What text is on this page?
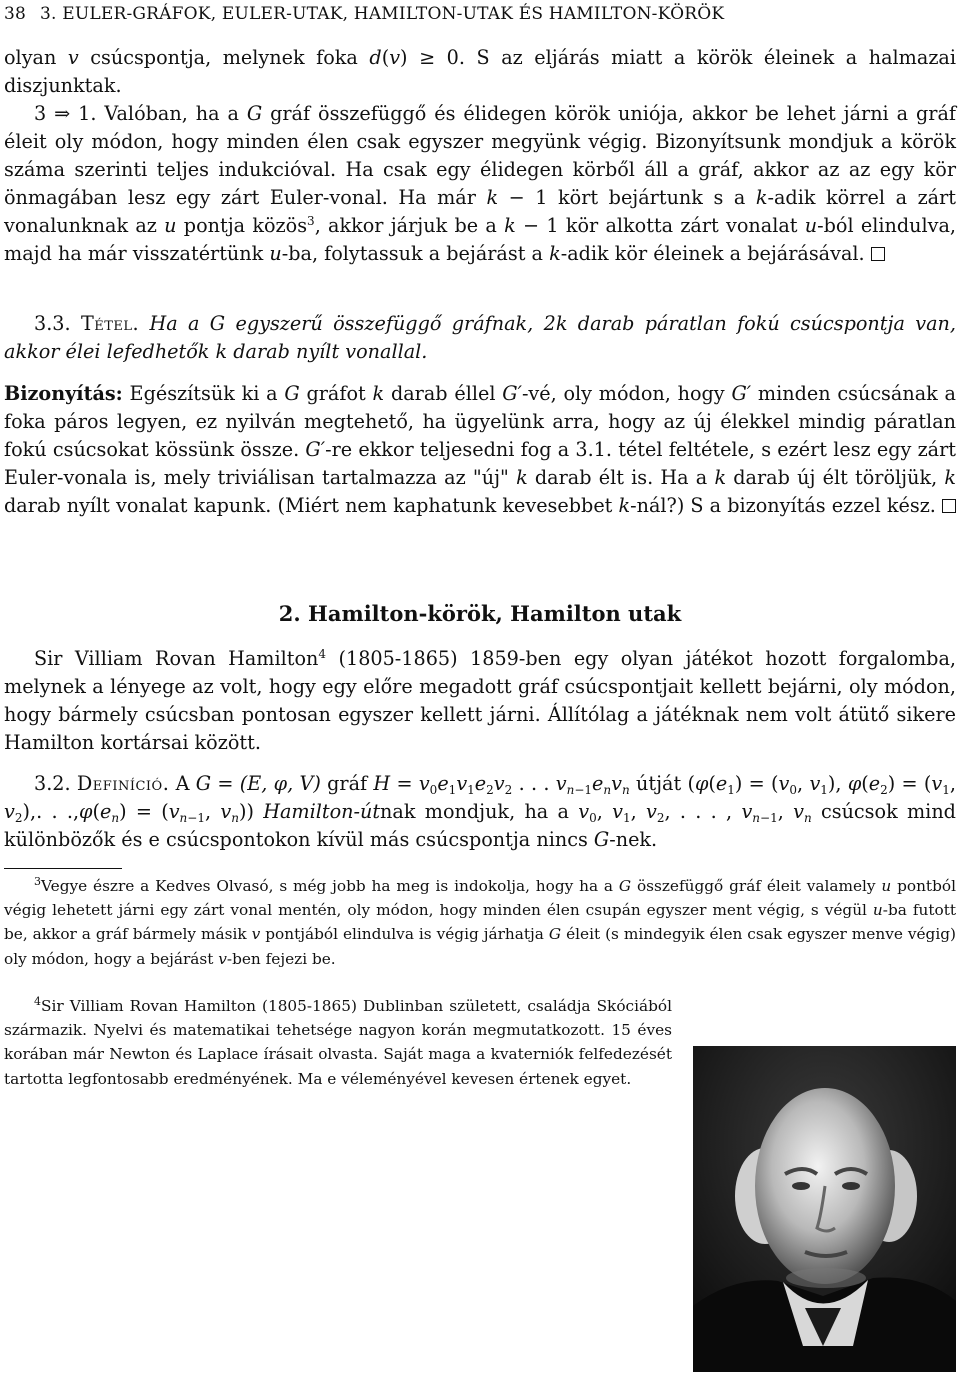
38 3. EULER-GRÁFOK, EULER-UTAK, HAMILTON-UTAK ÉS HAMILTON-KÖRÖK

olyan v csúcspontja, melynek foka d(v) ≥ 0. S az eljárás miatt a körök éleinek a halmazai diszjunktak.

3 ⇒ 1. Valóban, ha a G gráf összefüggő és élidegen körök uniója, akkor be lehet járni a gráf éleit oly módon, hogy minden élen csak egyszer megyünk végig. Bizonyítsunk mondjuk a körök száma szerinti teljes indukcióval. Ha csak egy élidegen körből áll a gráf, akkor az az egy kör önmagában lesz egy zárt Euler-vonal. Ha már k − 1 kört bejártunk s a k-adik körrel a zárt vonalunknak az u pontja közös$^3$, akkor járjuk be a k − 1 kör alkotta zárt vonalat u-ból elindulva, majd ha már visszatértünk u-ba, folytassuk a bejárást a k-adik kör éleinek a bejárásával.

3.3. Tétel. Ha a G egyszerű összefüggő gráfnak, 2k darab páratlan fokú csúcspontja van, akkor élei lefedhetők k darab nyílt vonallal.

Bizonyítás: Egészítsük ki a G gráfot k darab éllel G′-vé, oly módon, hogy G′ minden csúcsának a foka páros legyen, ez nyilván megtehető, ha ügyelünk arra, hogy az új élekkel mindig páratlan fokú csúcsokat kössünk össze. G′-re ekkor teljesedni fog a 3.1. tétel feltétele, s ezért lesz egy zárt Euler-vonala is, mely triviálisan tartalmazza az "új" k darab élt is. Ha a k darab új élt töröljük, k darab nyílt vonalat kapunk. (Miért nem kaphatunk kevesebbet k-nál?) S a bizonyítás ezzel kész.

2. Hamilton-körök, Hamilton utak

Sir Villiam Rovan Hamilton$^4$ (1805-1865) 1859-ben egy olyan játékot hozott forgalomba, melynek a lényege az volt, hogy egy előre megadott gráf csúcspontjait kellett bejárni, oly módon, hogy bármely csúcsban pontosan egyszer kellett járni. Állítólag a játéknak nem volt átütő sikere Hamilton kortársai között.

3.2. Definíció. A G = (E, φ, V) gráf $H = v_0e_1v_1e_2v_2$ . . . $v_{n-1}e_nv_n$ útját ($\varphi(e_1) = (v_0$, $v_1$), $\varphi(e_2) = (v_1$, $v_2$),. . $.,\varphi(e_n) = (v_{n-1}$, $v_n$)) Hamilton-útnak mondjuk, ha a $v_0$, $v_1$, $v_2$, . . . , $v_{n-1}$, $v_n$ csúcsok mind különbözők és e csúcspontokon kívül más csúcspontja nincs G-nek.

$^3$Vegye észre a Kedves Olvasó, s még jobb ha meg is indokolja, hogy ha a G összefüggő gráf éleit valamely u pontból végig lehetett járni egy zárt vonal mentén, oly módon, hogy minden élen csupán egyszer ment végig, s végül u-ba futott be, akkor a gráf bármely másik v pontjából elindulva is végig járhatja G éleit (s mindegyik élen csak egyszer menve végig) oly módon, hogy a bejárást v-ben fejezi be.

$^4$Sir Villiam Rovan Hamilton (1805-1865) Dublinban született, családja Skóciából származik. Nyelvi és matematikai tehetsége nagyon korán megmutatkozott. 15 éves korában már Newton és Laplace írásait olvasta. Saját maga a kvaterniók felfedezését tartotta legfontosabb eredményének. Ma e véleményével kevesen értenek egyet.
